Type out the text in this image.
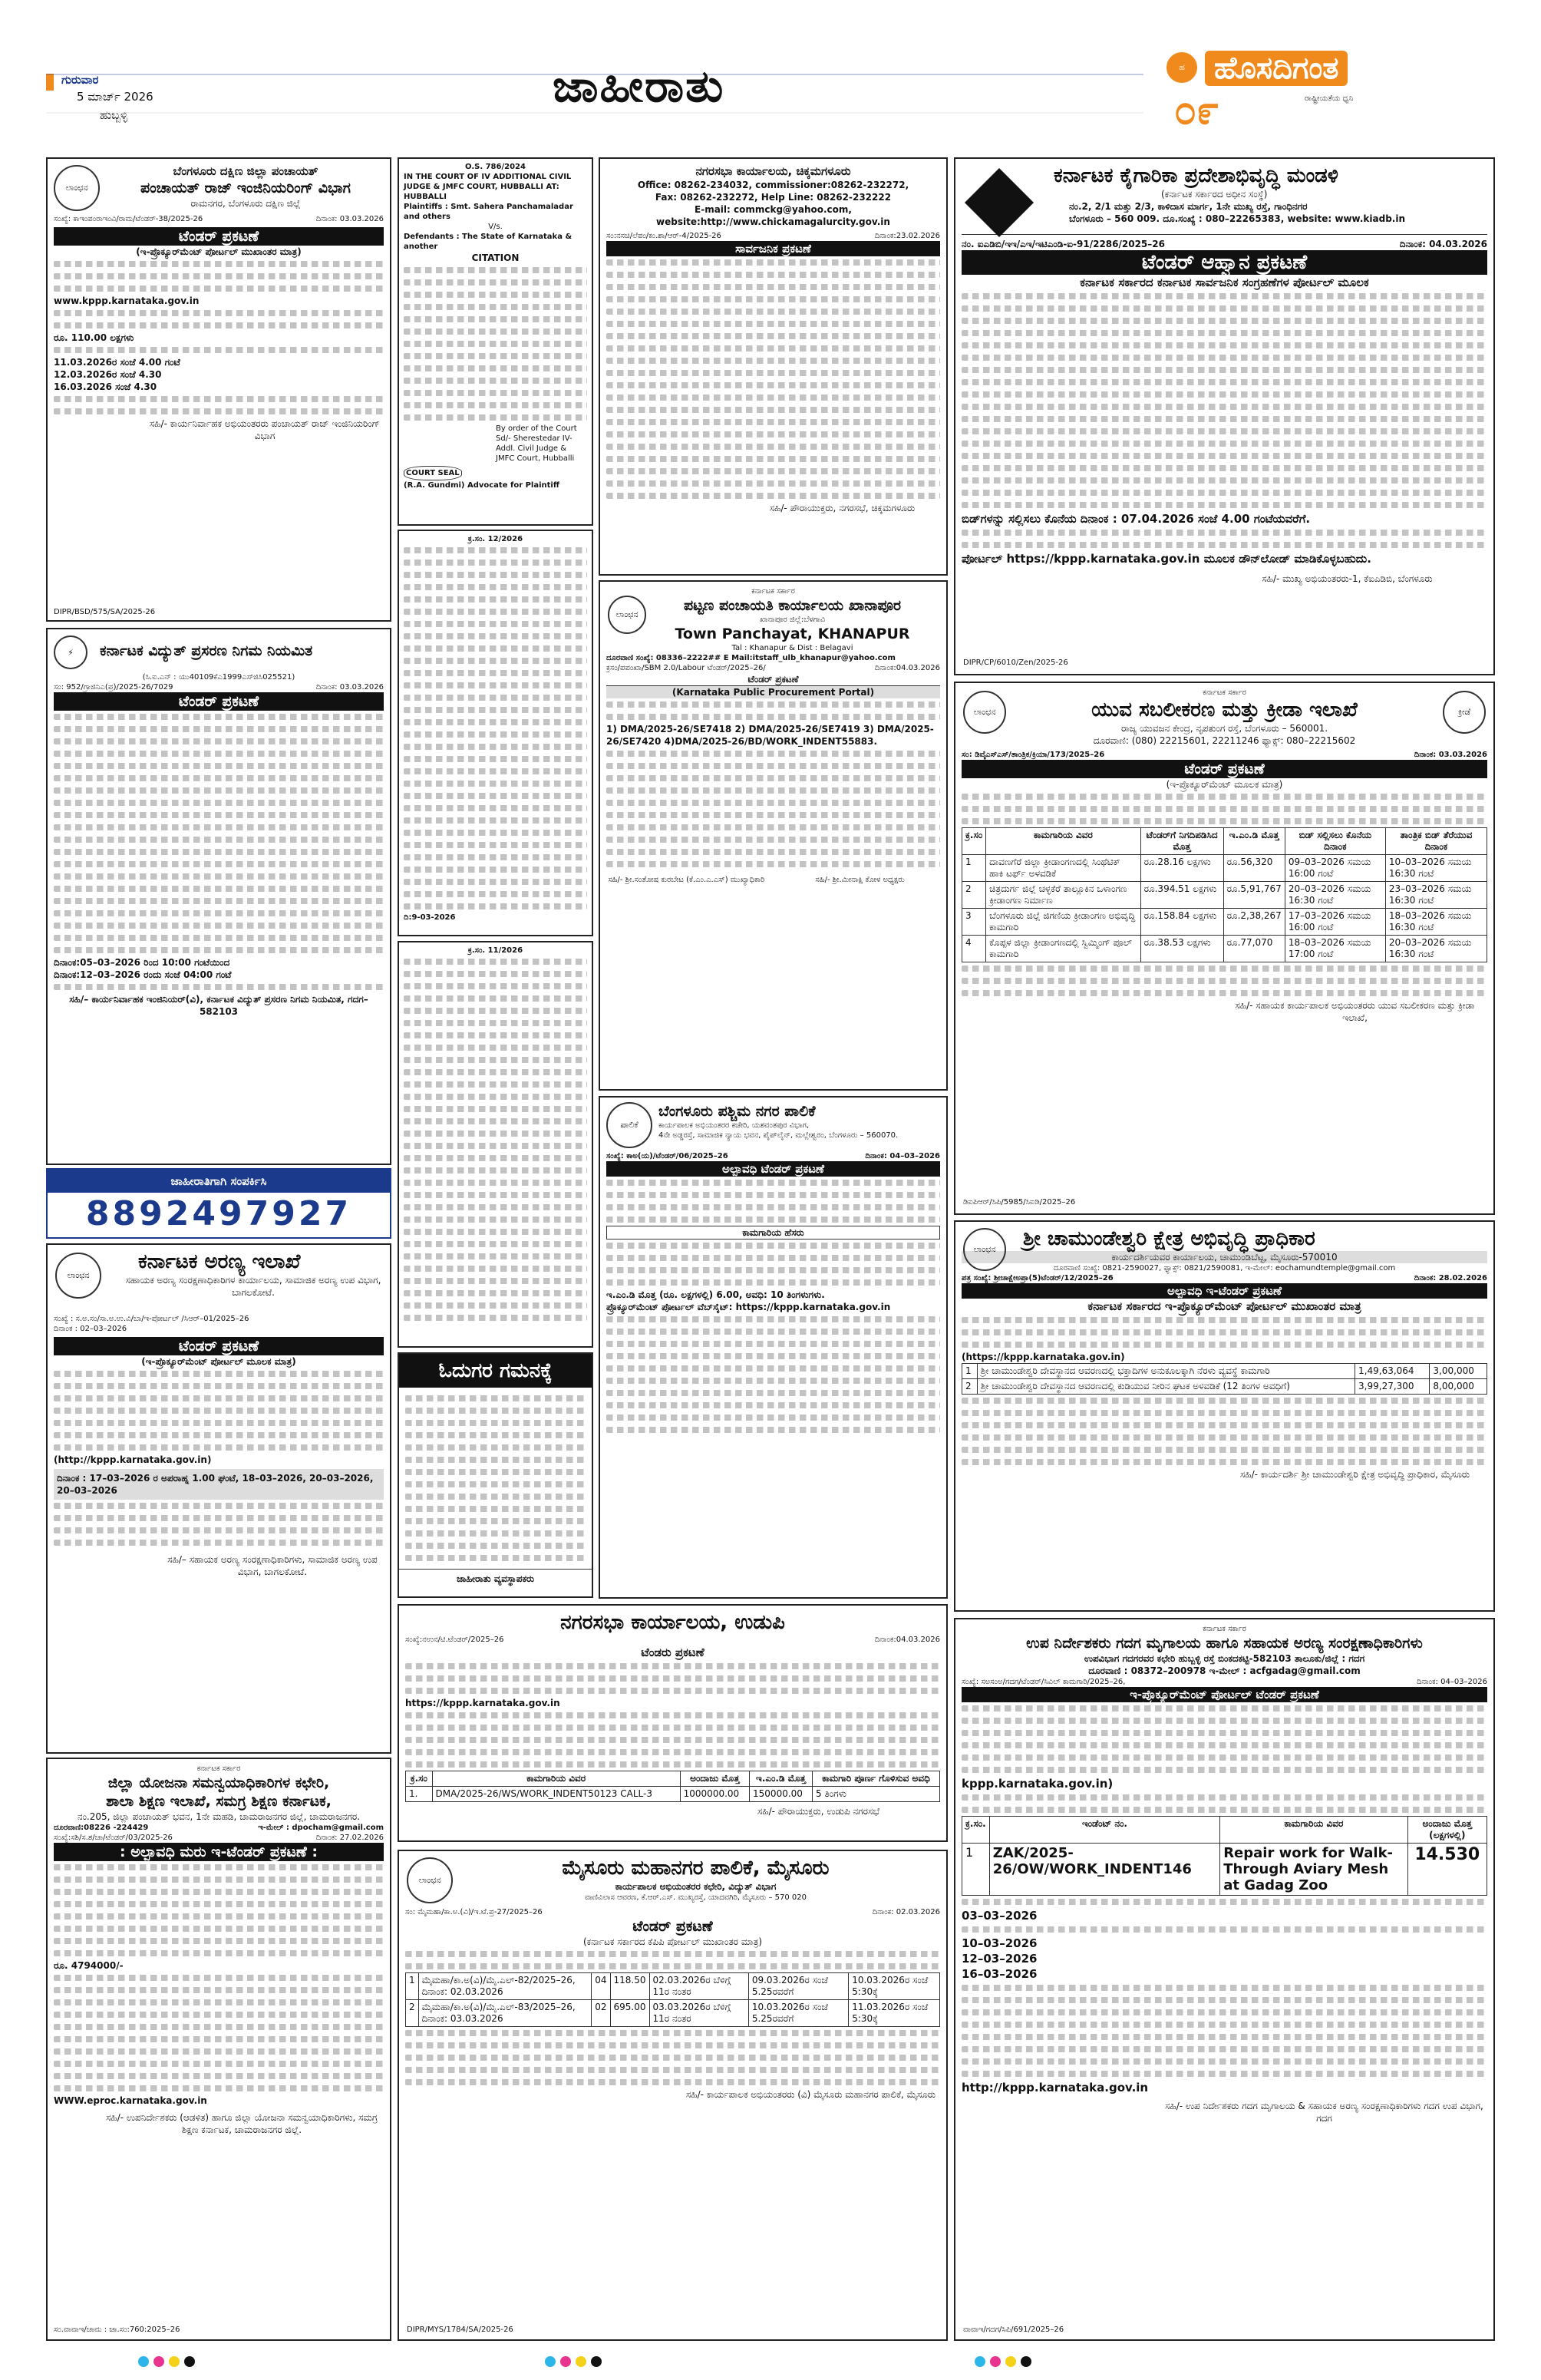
ಗುರುವಾರ
5 ಮಾರ್ಚ್ 2026
ಹುಬ್ಬಳ್ಳಿ
ಜಾಹೀರಾತು	ಹ ಹೊಸದಿಗಂತ
೦೯	ರಾಷ್ಟ್ರೀಯತೆಯ ಧ್ವನಿ
ಲಾಂಛನ
ಬೆಂಗಳೂರು ದಕ್ಷಿಣ ಜಿಲ್ಲಾ ಪಂಚಾಯತ್
ಪಂಚಾಯತ್ ರಾಜ್ ಇಂಜಿನಿಯರಿಂಗ್ ವಿಭಾಗ
ರಾಮನಗರ, ಬೆಂಗಳೂರು ದಕ್ಷಿಣ ಜಿಲ್ಲೆ
ಸಂಖ್ಯೆ: ಕಾಇಂಪಂರಾಇಂವಿ/ರಾಮ/ಟೆಂಡರ್-38/2025-26	ದಿನಾಂಕ: 03.03.2026
ಟೆಂಡರ್ ಪ್ರಕಟಣೆ
(ಇ-ಪ್ರೊಕ್ಯೂರ್‌ಮೆಂಟ್ ಪೋರ್ಟಲ್ ಮುಖಾಂತರ ಮಾತ್ರ)
www.kppp.karnataka.gov.in
ರೂ. 110.00 ಲಕ್ಷಗಳು
11.03.2026ರ ಸಂಜೆ 4.00 ಗಂಟೆ
12.03.2026ರ ಸಂಜೆ 4.30
16.03.2026 ಸಂಜೆ 4.30
ಸಹಿ/- ಕಾರ್ಯನಿರ್ವಾಹಕ ಅಭಿಯಂತರರು ಪಂಚಾಯತ್ ರಾಜ್ ಇಂಜಿನಿಯರಿಂಗ್ ವಿಭಾಗ
DIPR/BSD/575/SA/2025-26
⚡	ಕರ್ನಾಟಕ ವಿದ್ಯುತ್ ಪ್ರಸರಣ ನಿಗಮ ನಿಯಮಿತ
(ಸಿ.ಐ.ಎನ್ : ಯು40109ಕೆಎ1999ಎಸ್‌ಜಿಸಿ025521)
ಸಂ: 952/ಗ್ರಾಜಿನಿಎ(ಪ್ರ)/2025-26/7029	ದಿನಾಂಕ: 03.03.2026
ಟೆಂಡರ್ ಪ್ರಕಟಣೆ
ದಿನಾಂಕ:05–03–2026 ರಿಂದ 10:00 ಗಂಟೆಯಿಂದ
ದಿನಾಂಕ:12–03–2026 ರಂದು ಸಂಜೆ 04:00 ಗಂಟೆ
ಸಹಿ/– ಕಾರ್ಯನಿರ್ವಾಹಕ ಇಂಜಿನಿಯರ್(ವಿ), ಕರ್ನಾಟಕ ವಿದ್ಯುತ್ ಪ್ರಸರಣ ನಿಗಮ ನಿಯಮಿತ, ಗದಗ–582103
ಜಾಹೀರಾತಿಗಾಗಿ ಸಂಪರ್ಕಿಸಿ
8892497927
ಲಾಂಛನ
ಕರ್ನಾಟಕ ಅರಣ್ಯ ಇಲಾಖೆ
ಸಹಾಯಕ ಅರಣ್ಯ ಸಂರಕ್ಷಣಾಧಿಕಾರಿಗಳ ಕಾರ್ಯಾಲಯ, ಸಾಮಾಜಿಕ ಅರಣ್ಯ ಉಪ ವಿಭಾಗ, ಬಾಗಲಕೋಟೆ.
ಸಂಖ್ಯೆ : ಸ.ಅ.ಸಂ/ಸಾ.ಅ.ಉ.ವಿ/ಬಾ/ಇ-ಪೋರ್ಟಲ್ /ಸಿಆರ್–01/2025–26
ದಿನಾಂಕ : 02–03–2026
ಟೆಂಡರ್ ಪ್ರಕಟಣೆ
(ಇ-ಪ್ರೊಕ್ಯೂರ್‌ಮೆಂಟ್ ಪೋರ್ಟಲ್ ಮೂಲಕ ಮಾತ್ರ)
(http://kppp.karnataka.gov.in)
ದಿನಾಂಕ : 17–03–2026 ರ ಅಪರಾಹ್ನ 1.00 ಘಂಟೆ, 18–03–2026, 20–03–2026, 20–03–2026
ಸಹಿ/– ಸಹಾಯಕ ಅರಣ್ಯ ಸಂರಕ್ಷಣಾಧಿಕಾರಿಗಳು, ಸಾಮಾಜಿಕ ಅರಣ್ಯ ಉಪ ವಿಭಾಗ, ಬಾಗಲಕೋಟೆ.
O.S. 786/2024
IN THE COURT OF IV ADDITIONAL CIVIL JUDGE & JMFC COURT, HUBBALLI AT: HUBBALLI
Plaintiffs : Smt. Sahera Panchamaladar and others
V/s.
Defendants : The State of Karnataka & another
CITATION
By order of the Court Sd/- Sherestedar IV-Addl. Civil Judge & JMFC Court, Hubballi
COURT SEAL
(R.A. Gundmi) Advocate for Plaintiff
ಕ್ರ.ಸಂ. 12/2026
ದಿ:9-03-2026
ಕ್ರ.ಸಂ. 11/2026
ಓದುಗರ ಗಮನಕ್ಕೆ
ಜಾಹೀರಾತು ವ್ಯವಸ್ಥಾಪಕರು
ನಗರಸಭಾ ಕಾರ್ಯಾಲಯ, ಚಿಕ್ಕಮಗಳೂರು
Office: 08262-234032, commissioner:08262-232272,
Fax: 08262-232272, Help Line: 08262-232222
E-mail: commckg@yahoo.com,
website:http://www.chickamagalurcity.gov.in
ಸಂ:ನಸಚಿ/ಲೆಪಂ/ಕಂ.ಶಾ/ಆರ್‌-4/2025-26	ದಿನಾಂಕ:23.02.2026
ಸಾರ್ವಜನಿಕ ಪ್ರಕಟಣೆ
ಸಹಿ/- ಪೌರಾಯುಕ್ತರು, ನಗರಸಭೆ, ಚಿಕ್ಕಮಗಳೂರು
ಕರ್ನಾಟಕ ಸರ್ಕಾರ
ಲಾಂಛನ
ಪಟ್ಟಣ ಪಂಚಾಯತಿ ಕಾರ್ಯಾಲಯ ಖಾನಾಪೂರ
ಖಾನಾಪೂರ ಜಿಲ್ಲೆ:ಬೆಳಗಾವಿ
Town Panchayat, KHANAPUR
Tal : Khanapur & Dist : Belagavi
ದೂರವಾಣಿ ಸಂಖ್ಯೆ: 08336–2222## E Mail:itstaff_ulb_khanapur@yahoo.com
ಕ್ರಸಂ/ಪಪಂಖಾ/SBM 2.0/Labour ಟೆಂಡರ್/2025–26/	ದಿನಾಂಕ:04.03.2026
ಟೆಂಡರ್ ಪ್ರಕಟಣೆ
(Karnataka Public Procurement Portal)
1) DMA/2025-26/SE7418 2) DMA/2025-26/SE7419 3) DMA/2025-26/SE7420 4)DMA/2025-26/BD/WORK_INDENT55883.
ಸಹಿ/- ಶ್ರೀ.ಸಂತೋಷ ಕುರಬೇಟ (ಕೆ.ಎಂ.ಎ.ಎಸ್) ಮುಖ್ಯಾಧಿಕಾರಿ	ಸಹಿ/- ಶ್ರೀ.ಮೀನಾಕ್ಷಿ ಕೋಳ ಅಧ್ಯಕ್ಷರು
ಪಾಲಿಕೆ
ಬೆಂಗಳೂರು ಪಶ್ಚಿಮ ನಗರ ಪಾಲಿಕೆ
ಕಾರ್ಯಪಾಲಕ ಅಭಿಯಂತರರ ಕಚೇರಿ, ಯಶವಂತಪುರ ವಿಭಾಗ,
4ನೇ ಅಡ್ಡರಸ್ತೆ, ಸಾಮಾಜಿಕ ನ್ಯಾಯ ಭವನ, ಪೈಪ್‌ಲೈನ್, ಮಲ್ಲೇಶ್ವರಂ, ಬೆಂಗಳೂರು – 560070.
ಸಂಖ್ಯೆ: ಕಾಅ(ಯ)/ಟೆಂಡರ್/06/2025–26	ದಿನಾಂಕ: 04–03–2026
ಅಲ್ಪಾವಧಿ ಟೆಂಡರ್ ಪ್ರಕಟಣೆ
ಕಾಮಗಾರಿಯ ಹೆಸರು
ಇ.ಎಂ.ಡಿ ಮೊತ್ತ (ರೂ. ಲಕ್ಷಗಳಲ್ಲಿ) 6.00, ಅವಧಿ: 10 ತಿಂಗಳುಗಳು.
ಪ್ರೊಕ್ಯೂರ್‌ಮೆಂಟ್ ಪೋರ್ಟಲ್ ವೆಬ್‌ಸೈಟ್: https://kppp.karnataka.gov.in
ಕರ್ನಾಟಕ ಕೈಗಾರಿಕಾ ಪ್ರದೇಶಾಭಿವೃದ್ಧಿ ಮಂಡಳಿ
(ಕರ್ನಾಟಕ ಸರ್ಕಾರದ ಅಧೀನ ಸಂಸ್ಥೆ)
ನಂ.2, 2/1 ಮತ್ತು 2/3, ಕಾಳಿದಾಸ ಮಾರ್ಗ, 1ನೇ ಮುಖ್ಯ ರಸ್ತೆ, ಗಾಂಧಿನಗರ
ಬೆಂಗಳೂರು – 560 009. ದೂ.ಸಂಖ್ಯೆ : 080–22265383, website: www.kiadb.in
ನಂ. ಐಎಡಿಬಿ/ಇಇ/ಎಇ/ಇಟಿಎಂಡಿ-ಐ-91/2286/2025–26	ದಿನಾಂಕ: 04.03.2026
ಟೆಂಡರ್ ಆಹ್ವಾನ ಪ್ರಕಟಣೆ
ಕರ್ನಾಟಕ ಸರ್ಕಾರದ ಕರ್ನಾಟಕ ಸಾರ್ವಜನಿಕ ಸಂಗ್ರಹಣೆಗಳ ಪೋರ್ಟಲ್ ಮೂಲಕ
ಬಿಡ್‌ಗಳನ್ನು ಸಲ್ಲಿಸಲು ಕೊನೆಯ ದಿನಾಂಕ : 07.04.2026 ಸಂಜೆ 4.00 ಗಂಟೆಯವರೆಗೆ.
ಪೋರ್ಟಲ್ https://kppp.karnataka.gov.in ಮೂಲಕ ಡೌನ್‌ಲೋಡ್ ಮಾಡಿಕೊಳ್ಳಬಹುದು.
ಸಹಿ/- ಮುಖ್ಯ ಅಭಿಯಂತರರು-1, ಕೆಐಎಡಿಬಿ, ಬೆಂಗಳೂರು
DIPR/CP/6010/Zen/2025-26
ಕರ್ನಾಟಕ ಸರ್ಕಾರ
ಲಾಂಛನ	ಕ್ರೀಡೆ
ಯುವ ಸಬಲೀಕರಣ ಮತ್ತು ಕ್ರೀಡಾ ಇಲಾಖೆ
ರಾಜ್ಯ ಯುವಜನ ಕೇಂದ್ರ, ನೃಪತುಂಗ ರಸ್ತೆ, ಬೆಂಗಳೂರು – 560001.
ದೂರವಾಣಿ: (080) 22215601, 22211246 ಫ್ಯಾಕ್ಸ್: 080–22215602
ಸಂ: ಡಿವೈಎಸ್‌ಎಸ್/ತಾಂತ್ರಿಕ/ಕ್ರಿಯಾ/173/2025–26	ದಿನಾಂಕ: 03.03.2026
ಟೆಂಡರ್ ಪ್ರಕಟಣೆ
(ಇ-ಪ್ರೊಕ್ಯೂರ್‌ಮೆಂಟ್ ಮೂಲಕ ಮಾತ್ರ)
ಕ್ರ.ಸಂ	ಕಾಮಗಾರಿಯ ವಿವರ	ಟೆಂಡರ್‌ಗೆ ನಿಗದಿಪಡಿಸಿದ ಮೊತ್ತ	ಇ.ಎಂ.ಡಿ ಮೊತ್ತ	ಬಿಡ್ ಸಲ್ಲಿಸಲು ಕೊನೆಯ ದಿನಾಂಕ	ತಾಂತ್ರಿಕ ಬಿಡ್ ತೆರೆಯುವ ದಿನಾಂಕ
1	ದಾವಣಗೆರೆ ಜಿಲ್ಲಾ ಕ್ರೀಡಾಂಗಣದಲ್ಲಿ ಸಿಂಥೆಟಿಕ್ ಹಾಕಿ ಟರ್ಫ್ ಅಳವಡಿಕೆ	ರೂ.28.16 ಲಕ್ಷಗಳು	ರೂ.56,320	09–03–2026 ಸಮಯ 16:00 ಗಂಟೆ	10–03–2026 ಸಮಯ 16:30 ಗಂಟೆ
2	ಚಿತ್ರದುರ್ಗ ಜಿಲ್ಲೆ ಚಳ್ಳಕೆರೆ ತಾಲ್ಲೂಕಿನ ಒಳಾಂಗಣ ಕ್ರೀಡಾಂಗಣ ನಿರ್ಮಾಣ	ರೂ.394.51 ಲಕ್ಷಗಳು	ರೂ.5,91,767	20–03–2026 ಸಮಯ 16:30 ಗಂಟೆ	23–03–2026 ಸಮಯ 16:30 ಗಂಟೆ
3	ಬೆಂಗಳೂರು ಜಿಲ್ಲೆ ಜಿಗಣಿಯ ಕ್ರೀಡಾಂಗಣ ಅಭಿವೃದ್ಧಿ ಕಾಮಗಾರಿ	ರೂ.158.84 ಲಕ್ಷಗಳು	ರೂ.2,38,267	17–03–2026 ಸಮಯ 16:00 ಗಂಟೆ	18–03–2026 ಸಮಯ 16:30 ಗಂಟೆ
4	ಕೊಪ್ಪಳ ಜಿಲ್ಲಾ ಕ್ರೀಡಾಂಗಣದಲ್ಲಿ ಸ್ವಿಮ್ಮಿಂಗ್ ಪೂಲ್ ಕಾಮಗಾರಿ	ರೂ.38.53 ಲಕ್ಷಗಳು	ರೂ.77,070	18–03–2026 ಸಮಯ 17:00 ಗಂಟೆ	20–03–2026 ಸಮಯ 16:30 ಗಂಟೆ
ಸಹಿ/- ಸಹಾಯಕ ಕಾರ್ಯಪಾಲಕ ಅಭಿಯಂತರರು ಯುವ ಸಬಲೀಕರಣ ಮತ್ತು ಕ್ರೀಡಾ ಇಲಾಖೆ,
ಡಿಐಪಿಆರ್/ಸಿಪಿ/5985/ಸಿಐಡಿ/2025–26
ಲಾಂಛನ	ಶ್ರೀ ಚಾಮುಂಡೇಶ್ವರಿ ಕ್ಷೇತ್ರ ಅಭಿವೃದ್ಧಿ ಪ್ರಾಧಿಕಾರ
ಕಾರ್ಯದರ್ಶಿಯವರ ಕಾರ್ಯಾಲಯ, ಚಾಮುಂಡಿಬೆಟ್ಟ, ಮೈಸೂರು-570010
ದೂರವಾಣಿ ಸಂಖ್ಯೆ: 0821-2590027, ಫ್ಯಾಕ್ಸ್: 0821/2590081, ಇ-ಮೇಲ್: eochamundtemple@gmail.com
ಪತ್ರ ಸಂಖ್ಯೆ: ಶ್ರೀಚಾಕ್ಷೇಅಪ್ರಾ(5)ಟೆಂಡರ್/12/2025–26	ದಿನಾಂಕ: 28.02.2026
ಅಲ್ಪಾವಧಿ ಇ-ಟೆಂಡರ್ ಪ್ರಕಟಣೆ
ಕರ್ನಾಟಕ ಸರ್ಕಾರದ ಇ-ಪ್ರೊಕ್ಯೂರ್‌ಮೆಂಟ್ ಪೋರ್ಟಲ್ ಮುಖಾಂತರ ಮಾತ್ರ
(https://kppp.karnataka.gov.in)
1	ಶ್ರೀ ಚಾಮುಂಡೇಶ್ವರಿ ದೇವಸ್ಥಾನದ ಆವರಣದಲ್ಲಿ ಭಕ್ತಾದಿಗಳ ಅನುಕೂಲಕ್ಕಾಗಿ ನೆರಳು ವ್ಯವಸ್ಥೆ ಕಾಮಗಾರಿ	1,49,63,064	3,00,000
2	ಶ್ರೀ ಚಾಮುಂಡೇಶ್ವರಿ ದೇವಸ್ಥಾನದ ಆವರಣದಲ್ಲಿ ಕುಡಿಯುವ ನೀರಿನ ಘಟಕ ಅಳವಡಿಕೆ (12 ತಿಂಗಳ ಅವಧಿಗೆ)	3,99,27,300	8,00,000
ಸಹಿ/- ಕಾರ್ಯದರ್ಶಿ ಶ್ರೀ ಚಾಮುಂಡೇಶ್ವರಿ ಕ್ಷೇತ್ರ ಅಭಿವೃದ್ಧಿ ಪ್ರಾಧಿಕಾರ, ಮೈಸೂರು
ನಗರಸಭಾ ಕಾರ್ಯಾಲಯ, ಉಡುಪಿ
ಸಂಖ್ಯೆ:ನಉನ/ಟಿ.ಟೆಂಡರ್/2025–26	ದಿನಾಂಕ:04.03.2026
ಟೆಂಡರು ಪ್ರಕಟಣೆ
https://kppp.karnataka.gov.in
ಕ್ರ.ಸಂ	ಕಾಮಗಾರಿಯ ವಿವರ	ಅಂದಾಜು ಮೊತ್ತ	ಇ.ಎಂ.ಡಿ ಮೊತ್ತ	ಕಾಮಗಾರಿ ಪೂರ್ಣ ಗೊಳಿಸುವ ಅವಧಿ
1.	DMA/2025-26/WS/WORK_INDENT50123 CALL-3	1000000.00	150000.00	5 ತಿಂಗಳು
ಸಹಿ/- ಪೌರಾಯುಕ್ತರು, ಉಡುಪಿ ನಗರಸಭೆ
ಲಾಂಛನ
ಮೈಸೂರು ಮಹಾನಗರ ಪಾಲಿಕೆ, ಮೈಸೂರು
ಕಾರ್ಯಪಾಲಕ ಅಭಿಯಂತರರ ಕಛೇರಿ, ವಿದ್ಯುತ್ ವಿಭಾಗ
ವಾಣಿವಿಲಾಸ ಆವರಣ, ಕೆ.ಆರ್.ಎಸ್. ಮುಖ್ಯರಸ್ತೆ, ಯಾದವಗಿರಿ, ಮೈಸೂರು – 570 020
ಸಂ: ಮೈಮಹಾ/ಕಾ.ಅ.(ವಿ)/ಇ.ಟೆ.ಪ್ರ-27/2025–26	ದಿನಾಂಕ: 02.03.2026
ಟೆಂಡರ್ ಪ್ರಕಟಣೆ
(ಕರ್ನಾಟಕ ಸರ್ಕಾರದ ಕೆಪಿಪಿ ಪೋರ್ಟಲ್ ಮುಖಾಂತರ ಮಾತ್ರ)
1	ಮೈಮಹಾ/ಕಾ.ಅ(ವಿ)/ಮೈ.ಎಲ್-82/2025–26, ದಿನಾಂಕ: 02.03.2026	04	118.50	02.03.2026ರ ಬೆಳಿಗ್ಗೆ 11ರ ನಂತರ	09.03.2026ರ ಸಂಜೆ 5.25ರವರೆಗೆ	10.03.2026ರ ಸಂಜೆ 5:30ಕ್ಕೆ
2	ಮೈಮಹಾ/ಕಾ.ಅ(ವಿ)/ಮೈ.ಎಲ್-83/2025–26, ದಿನಾಂಕ: 03.03.2026	02	695.00	03.03.2026ರ ಬೆಳಿಗ್ಗೆ 11ರ ನಂತರ	10.03.2026ರ ಸಂಜೆ 5.25ರವರೆಗೆ	11.03.2026ರ ಸಂಜೆ 5:30ಕ್ಕೆ
ಸಹಿ/- ಕಾರ್ಯಪಾಲಕ ಅಭಿಯಂತರರು (ವಿ) ಮೈಸೂರು ಮಹಾನಗರ ಪಾಲಿಕೆ, ಮೈಸೂರು
DIPR/MYS/1784/SA/2025-26
ಕರ್ನಾಟಕ ಸರ್ಕಾರ
ಜಿಲ್ಲಾ ಯೋಜನಾ ಸಮನ್ವಯಾಧಿಕಾರಿಗಳ ಕಛೇರಿ,
ಶಾಲಾ ಶಿಕ್ಷಣ ಇಲಾಖೆ, ಸಮಗ್ರ ಶಿಕ್ಷಣ ಕರ್ನಾಟಕ,
ನಂ.205, ಜಿಲ್ಲಾ ಪಂಚಾಯತ್ ಭವನ, 1ನೇ ಮಹಡಿ, ಚಾಮರಾಜನಗರ ಜಿಲ್ಲೆ, ಚಾಮರಾಜನಗರ.
ದೂರವಾಣಿ:08226 -224429	ಇ-ಮೇಲ್ : dpocham@gmail.com
ಸಂಖ್ಯೆ:ಸಶಿ/ಸ.ಶ/ಚಾ/ಟೆಂಡರ್/03/2025-26	ದಿನಾಂಕ: 27.02.2026
: ಅಲ್ಪಾವಧಿ ಮರು ಇ-ಟೆಂಡರ್ ಪ್ರಕಟಣೆ :
ರೂ. 4794000/-
WWW.eproc.karnataka.gov.in
ಸಹಿ/- ಉಪನಿರ್ದೇಶಕರು (ಆಡಳಿತ) ಹಾಗೂ ಜಿಲ್ಲಾ ಯೋಜನಾ ಸಮನ್ವಯಾಧಿಕಾರಿಗಳು, ಸಮಗ್ರ ಶಿಕ್ಷಣ ಕರ್ನಾಟಕ, ಚಾಮರಾಜನಗರ ಜಿಲ್ಲೆ.
ಸಂ.ವಾವಾಇ/ಚಾಮ : ಜಾ.ಸಂ:760:2025–26
ಕರ್ನಾಟಕ ಸರ್ಕಾರ
ಉಪ ನಿರ್ದೇಶಕರು ಗದಗ ಮೃಗಾಲಯ ಹಾಗೂ ಸಹಾಯಕ ಅರಣ್ಯ ಸಂರಕ್ಷಣಾಧಿಕಾರಿಗಳು
ಉಪವಿಭಾಗ ಗದಗರವರ ಕಛೇರಿ ಹುಬ್ಬಳ್ಳಿ ರಸ್ತೆ ಬಿಂಕದಕಟ್ಟಿ-582103 ತಾಲೂಕು/ಜಿಲ್ಲೆ : ಗದಗ
ದೂರವಾಣಿ : 08372–200978 ಇ-ಮೇಲ್ : acfgadag@gmail.com
ಸಂಖ್ಯೆ: ಸಅಸಂಅ/ಗದಗ/ಟೆಂಡರ್/ಸಿವಿಲ್ ಕಾಮಗಾರಿ/2025–26,	ದಿನಾಂಕ: 04–03–2026
ಇ-ಪ್ರೊಕ್ಯೂರ್‌ಮೆಂಟ್ ಪೋರ್ಟಲ್ ಟೆಂಡರ್ ಪ್ರಕಟಣೆ
kppp.karnataka.gov.in)
ಕ್ರ.ಸಂ.	ಇಂಡೆಂಟ್ ನಂ.	ಕಾಮಗಾರಿಯ ವಿವರ	ಅಂದಾಜು ಮೊತ್ತ (ಲಕ್ಷಗಳಲ್ಲಿ)
1	ZAK/2025-26/OW/WORK_INDENT146	Repair work for Walk-Through Aviary Mesh at Gadag Zoo	14.530
03–03–2026
10–03–2026
12–03–2026
16–03–2026
http://kppp.karnataka.gov.in
ಸಹಿ/- ಉಪ ನಿರ್ದೇಶಕರು ಗದಗ ಮೃಗಾಲಯ & ಸಹಾಯಕ ಅರಣ್ಯ ಸಂರಕ್ಷಣಾಧಿಕಾರಿಗಳು ಗದಗ ಉಪ ವಿಭಾಗ, ಗದಗ
ವಾವಾಇ/ಗದಗ/ಸಿಪಿ/691/2025–26
